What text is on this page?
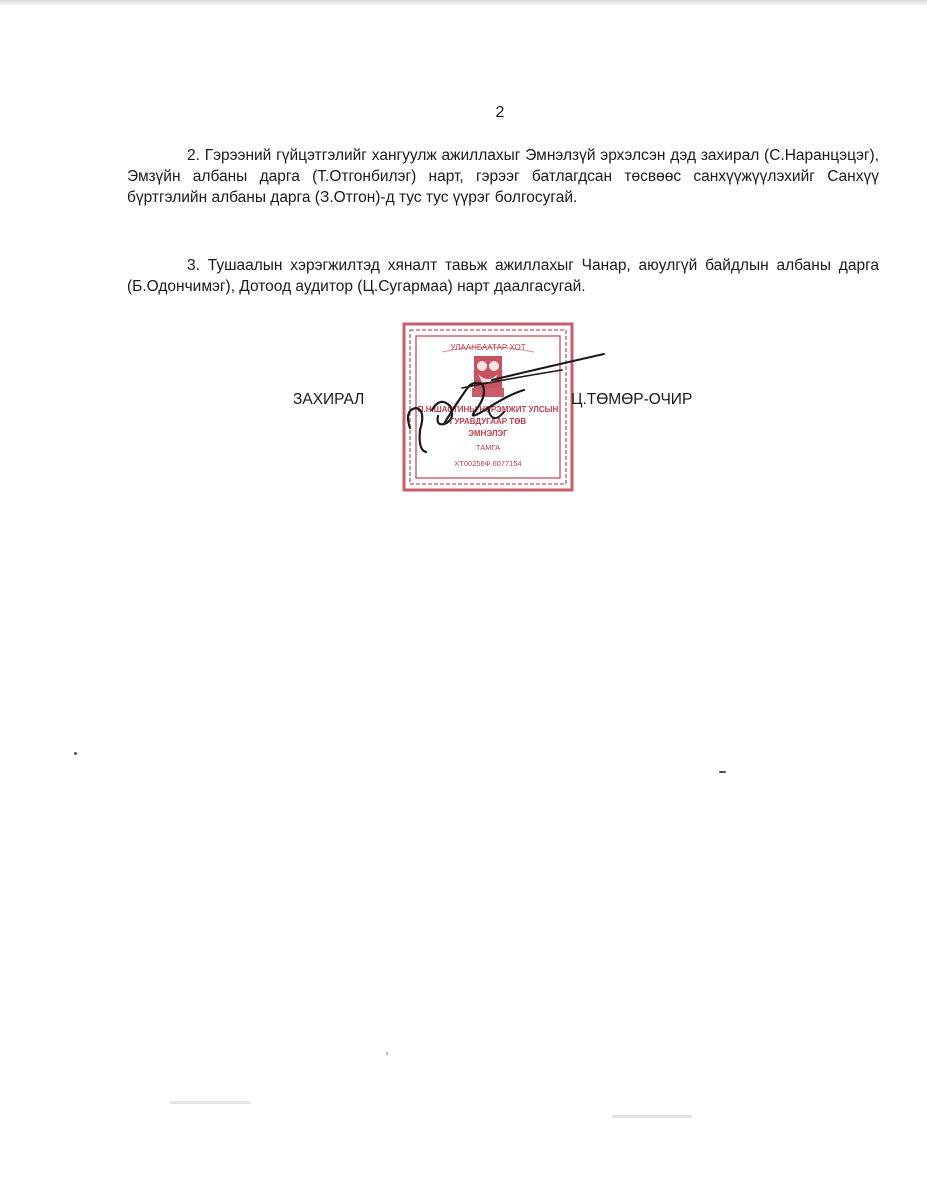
2

2. Гэрээний гүйцэтгэлийг хангуулж ажиллахыг Эмнэлзүй эрхэлсэн дэд захирал (С.Наранцэцэг), Эмзүйн албаны дарга (Т.Отгонбилэг) нарт, гэрээг батлагдсан төсвөөс санхүүжүүлэхийг Санхүү бүртгэлийн албаны дарга (З.Отгон)-д тус тус үүрэг болгосугай.

3. Тушаалын хэрэгжилтэд хяналт тавьж ажиллахыг Чанар, аюулгүй байдлын албаны дарга (Б.Одончимэг), Дотоод аудитор (Ц.Сугармаа) нарт даалгасугай.

ЗАХИРАЛ
УЛААНБААТАР ХОТ
П.Н.ШАСТИНЫ НЭРЭМЖИТ УЛСЫН
ГУРАВДУГААР ТӨВ
ЭМНЭЛЭГ
ТАМГА
ХТ00256Ф 6077154
Ц.ТӨМӨР-ОЧИР
▬▬▬▬▬▬▬▬
▬▬▬▬▬▬▬▬
